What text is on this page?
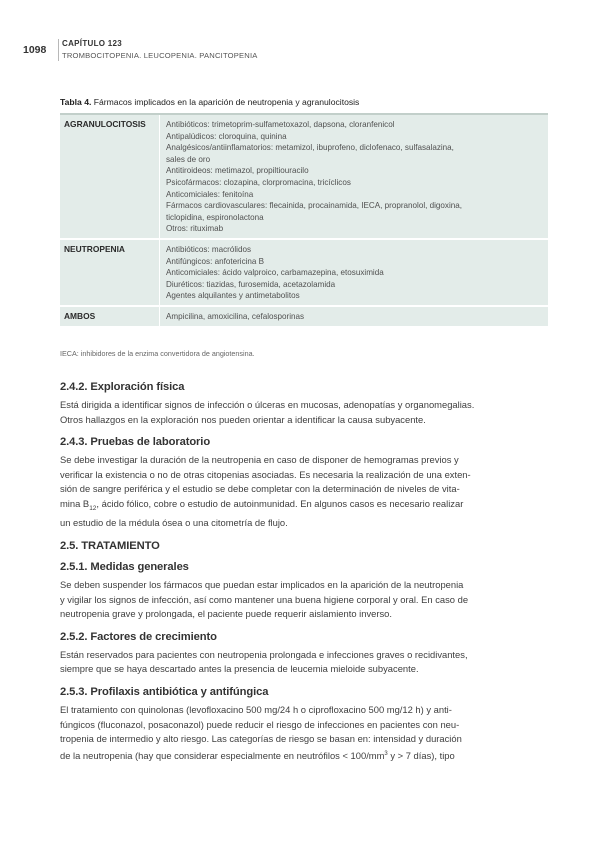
1098
CAPÍTULO 123
TROMBOCITOPENIA. LEUCOPENIA. PANCITOPENIA
Tabla 4. Fármacos implicados en la aparición de neutropenia y agranulocitosis
AGRANULOCITOSIS	Antibióticos: trimetoprim-sulfametoxazol, dapsona, cloranfenicol
Antipalúdicos: cloroquina, quinina
Analgésicos/antiinflamatorios: metamizol, ibuprofeno, diclofenaco, sulfasalazina,
sales de oro
Antitiroideos: metimazol, propiltiouracilo
Psicofármacos: clozapina, clorpromacina, tricíclicos
Anticomiciales: fenitoína
Fármacos cardiovasculares: flecainida, procainamida, IECA, propranolol, digoxina,
ticlopidina, espironolactona
Otros: rituximab
NEUTROPENIA	Antibióticos: macrólidos
Antifúngicos: anfotericina B
Anticomiciales: ácido valproico, carbamazepina, etosuximida
Diuréticos: tiazidas, furosemida, acetazolamida
Agentes alquilantes y antimetabolitos
AMBOS	Ampicilina, amoxicilina, cefalosporinas
IECA: inhibidores de la enzima convertidora de angiotensina.
2.4.2. Exploración física
Está dirigida a identificar signos de infección o úlceras en mucosas, adenopatías y organomegalias.
Otros hallazgos en la exploración nos pueden orientar a identificar la causa subyacente.
2.4.3. Pruebas de laboratorio
Se debe investigar la duración de la neutropenia en caso de disponer de hemogramas previos y
verificar la existencia o no de otras citopenias asociadas. Es necesaria la realización de una exten-
sión de sangre periférica y el estudio se debe completar con la determinación de niveles de vita-
mina $B_{12}$, ácido fólico, cobre o estudio de autoinmunidad. En algunos casos es necesario realizar
un estudio de la médula ósea o una citometría de flujo.
2.5. TRATAMIENTO
2.5.1. Medidas generales
Se deben suspender los fármacos que puedan estar implicados en la aparición de la neutropenia
y vigilar los signos de infección, así como mantener una buena higiene corporal y oral. En caso de
neutropenia grave y prolongada, el paciente puede requerir aislamiento inverso.
2.5.2. Factores de crecimiento
Están reservados para pacientes con neutropenia prolongada e infecciones graves o recidivantes,
siempre que se haya descartado antes la presencia de leucemia mieloide subyacente.
2.5.3. Profilaxis antibiótica y antifúngica
El tratamiento con quinolonas (levofloxacino 500 mg/24 h o ciprofloxacino 500 mg/12 h) y anti-
fúngicos (fluconazol, posaconazol) puede reducir el riesgo de infecciones en pacientes con neu-
tropenia de intermedio y alto riesgo. Las categorías de riesgo se basan en: intensidad y duración
de la neutropenia (hay que considerar especialmente en neutrófilos < $100/mm^3$ y > 7 días), tipo
